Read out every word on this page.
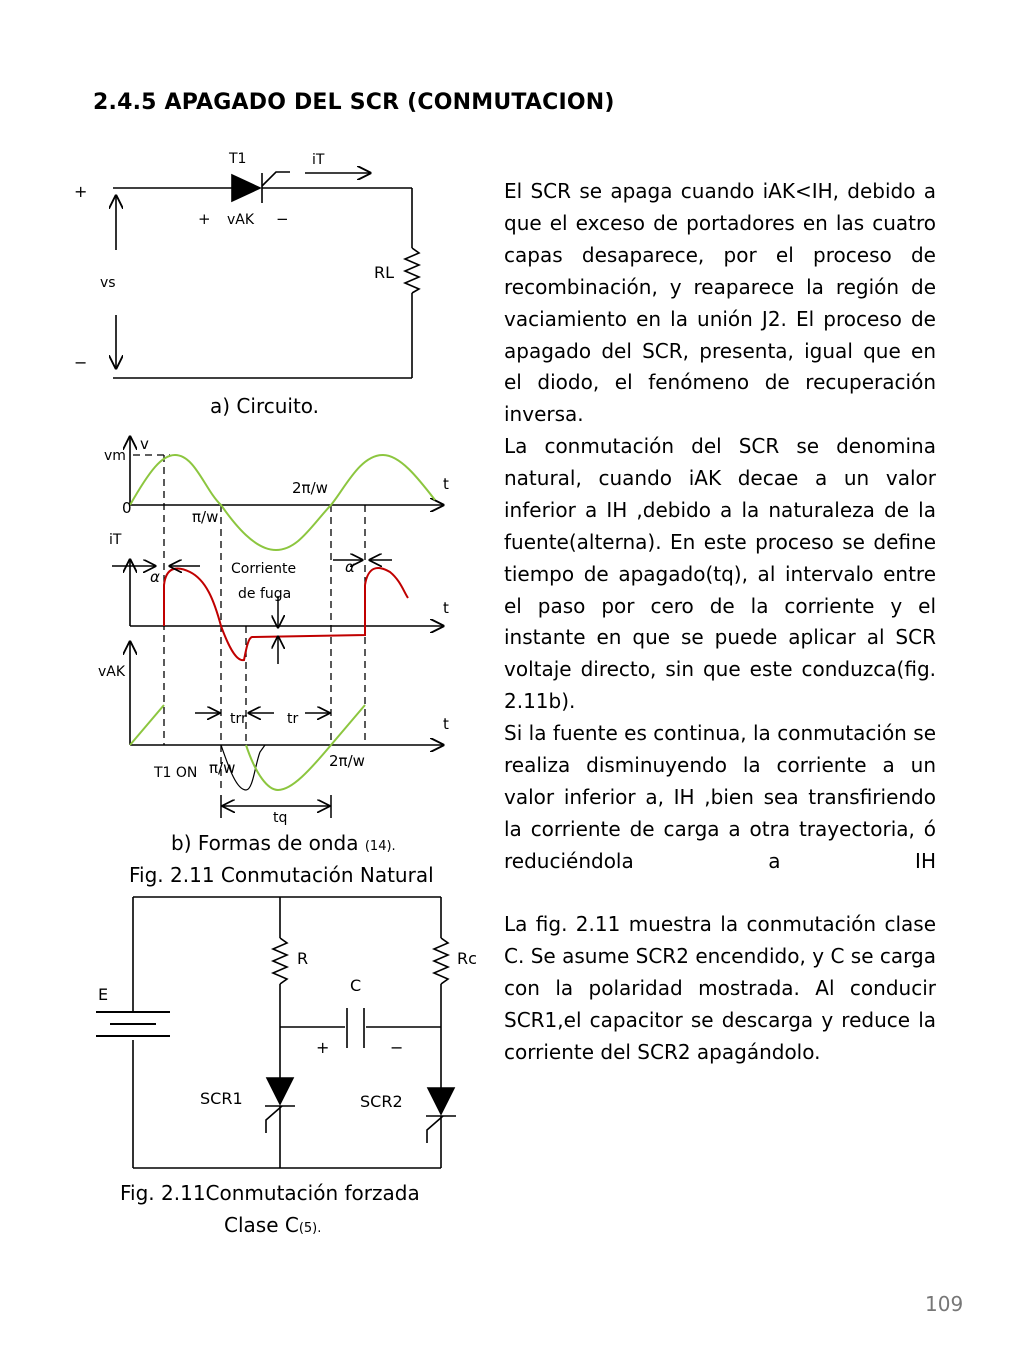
2.4.5 APAGADO DEL SCR (CONMUTACION)
T1	iT
+
−
+ vAK −
vs
RL
v
vm
0
2π/w	t
π/w
iT
α
α
Corriente
de fuga
t
vAK
trr	tr	t
T1 ON π/w	2π/w
tq
E
R	Rc
C
+	−
SCR1	SCR2
a) Circuito.
b) Formas de onda (14).
Fig. 2.11 Conmutación Natural
Fig. 2.11Conmutación forzada
Clase C(5).

El SCR se apaga cuando iAK<IH, debido a que el exceso de portadores en las cuatro capas desaparece, por el proceso de recombinación, y reaparece la región de vaciamiento en la unión J2. El proceso de apagado del SCR, presenta, igual que en el diodo, el fenómeno de recuperación inversa.

La conmutación del SCR se denomina natural, cuando iAK decae a un valor inferior a IH ,debido a la naturaleza de la fuente(alterna). En este proceso se define tiempo de apagado(tq), al intervalo entre el paso por cero de la corriente y el instante en que se puede aplicar al SCR voltaje directo, sin que este conduzca(fig. 2.11b).

Si la fuente es continua, la conmutación se realiza disminuyendo la corriente a un valor inferior a, IH ,bien sea transfiriendo la corriente de carga a otra trayectoria, ó reduciéndola a IH

La fig. 2.11 muestra la conmutación clase C. Se asume SCR2 encendido, y C se carga con la polaridad mostrada. Al conducir SCR1,el capacitor se descarga y reduce la corriente del SCR2 apagándolo.

109
